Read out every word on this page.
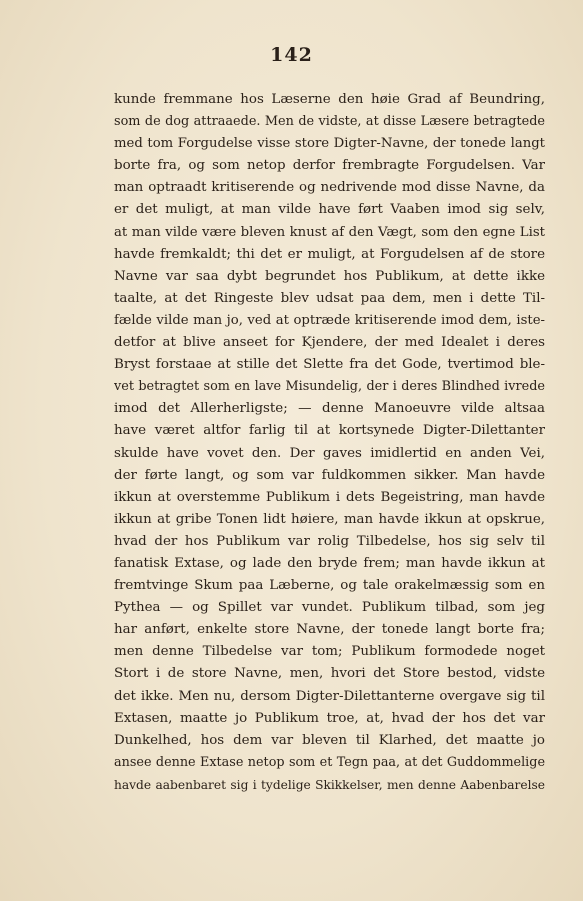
142
kunde fremmane hos Læserne den høie Grad af Beundring,
som de dog attraaede. Men de vidste, at disse Læsere betragtede
med tom Forgudelse visse store Digter-Navne, der tonede langt
borte fra, og som netop derfor frembragte Forgudelsen. Var
man optraadt kritiserende og nedrivende mod disse Navne, da
er det muligt, at man vilde have ført Vaaben imod sig selv,
at man vilde være bleven knust af den Vægt, som den egne List
havde fremkaldt; thi det er muligt, at Forgudelsen af de store
Navne var saa dybt begrundet hos Publikum, at dette ikke
taalte, at det Ringeste blev udsat paa dem, men i dette Til-
fælde vilde man jo, ved at optræde kritiserende imod dem, iste-
detfor at blive anseet for Kjendere, der med Idealet i deres
Bryst forstaae at stille det Slette fra det Gode, tvertimod ble-
vet betragtet som en lave Misundelig, der i deres Blindhed ivrede
imod det Allerherligste; — denne Manoeuvre vilde altsaa
have været altfor farlig til at kortsynede Digter-Dilettanter
skulde have vovet den. Der gaves imidlertid en anden Vei,
der førte langt, og som var fuldkommen sikker. Man havde
ikkun at overstemme Publikum i dets Begeistring, man havde
ikkun at gribe Tonen lidt høiere, man havde ikkun at opskrue,
hvad der hos Publikum var rolig Tilbedelse, hos sig selv til
fanatisk Extase, og lade den bryde frem; man havde ikkun at
fremtvinge Skum paa Læberne, og tale orakelmæssig som en
Pythea — og Spillet var vundet. Publikum tilbad, som jeg
har anført, enkelte store Navne, der tonede langt borte fra;
men denne Tilbedelse var tom; Publikum formodede noget
Stort i de store Navne, men, hvori det Store bestod, vidste
det ikke. Men nu, dersom Digter-Dilettanterne overgave sig til
Extasen, maatte jo Publikum troe, at, hvad der hos det var
Dunkelhed, hos dem var bleven til Klarhed, det maatte jo
ansee denne Extase netop som et Tegn paa, at det Guddommelige
havde aabenbaret sig i tydelige Skikkelser, men denne Aabenbarelse
